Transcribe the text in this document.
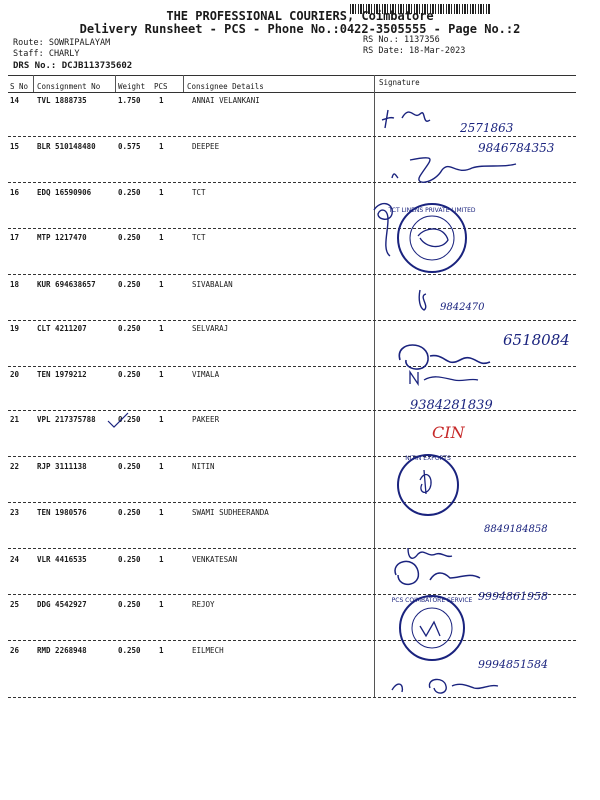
THE PROFESSIONAL COURIERS, Coimbatore
Delivery Runsheet - PCS - Phone No.:0422-3505555 - Page No.:2
Route: SOWRIPALAYAM
Staff: CHARLY
DRS No.: DCJB113735602
RS No.: 1137356
RS Date: 18-Mar-2023
S No Consignment No Weight PCS	Consignee Details	Signature
14 TVL 1888735	1.750 1	ANNAI VELANKANI
15 BLR 510148480	0.575 1	DEEPEE
16 EDQ 16590906	0.250 1	TCT
17 MTP 1217470	0.250 1	TCT
18 KUR 694638657	0.250 1	SIVABALAN
19 CLT 4211207	0.250 1	SELVARAJ
20 TEN 1979212	0.250 1	VIMALA
21 VPL 217375788	0.250 1	PAKEER
22 RJP 3111138	0.250 1	NITIN
23 TEN 1980576	0.250 1	SWAMI SUDHEERANDA
24 VLR 4416535	0.250 1	VENKATESAN
25 DDG 4542927	0.250 1	REJOY
26 RMD 2268948	0.250 1	EILMECH
2571863
9846784353
TCT LINENS PRIVATE LIMITED
9842470
6518084
9384281839
CIN
NITIN EXPORTS
8849184858
9994861958
PCS COIMBATORE SERVICE
9994851584
